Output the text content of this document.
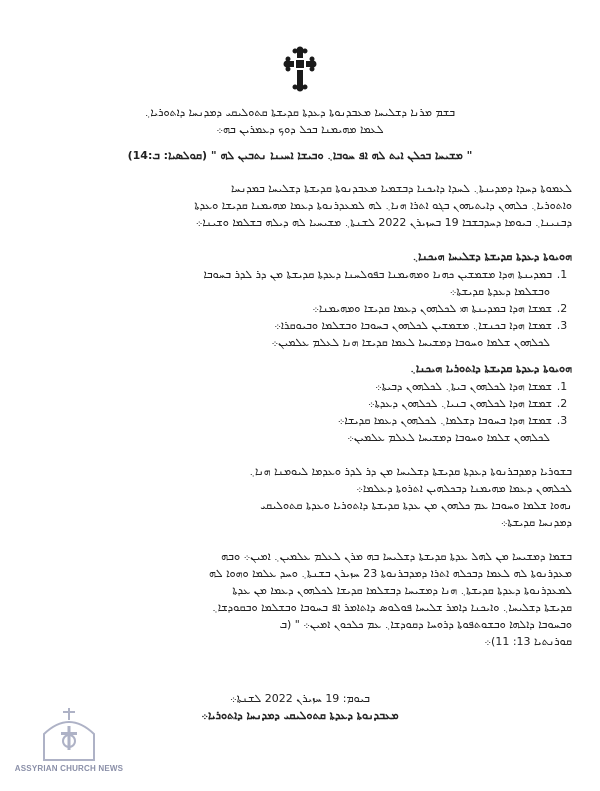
ܒܫܡ ܡܪܢܐ ܕܫܠܝܚܐ ܡܥܒܕܢܘܬܐ ܕܥܕܬܐ ܩܕܝܫܬܐ ܩܬܘܠܝܩܝ ܕܡܕܢܚܐ ܕܐܬܘܪܝܐ܆
ܠܥܡܐ ܡܗܝܡܢܐ ܒܟܠ ܕܘܟ ܕܥܡܪܝܢ ܒܗ܀
" ܡܫܝܚܐ ܒܟܠܢ ܐܝܬ ܠܗ ܐܦ ܚܘܒܐ܆ ܘܒܝܫܐ ܐܚܝܢܐ ܢܬܒܝܢ ܠܗ " (ܩܘܠܣܝܐ: ܒ:14)
ܠܥܡܘܬܐ ܕܚܕܐ ܕܡܕܝܢܬܐ܆ ܠܚܕܐ ܕܐܝܟܢܐ ܕܒܫܡܝܐ ܡܥܒܕܢܘܬܐ ܩܕܝܫܬܐ ܕܫܠܝܚܐ ܒܡܕܢܚܐ
ܘܐܬܘܪܝܐ܆ ܟܠܗܘܢ ܕܐܝܬܝܗܘܢ ܒܓܘ ܐܬܪܐ ܗܢܐ܆ ܠܗ ܠܡܥܕܪܢܘܬܐ ܕܥܡܐ ܡܗܝܡܢܐ ܩܕܝܫܐ ܘܥܕܬܐ
ܕܒܢܝܢܐ܆ ܒܝܘܡܐ ܕܚܕܒܫܒܐ 19 ܒܚܙܝܪܢ 2022 ܠܫܢܬܐ܆ ܡܫܝܚܝܐ ܠܗ ܕܝܠܗ ܒܫܠܡܐ ܘܫܝܢܐ܀
ܗܘܝܘܬܐ ܕܥܕܬܐ ܩܕܝܫܬܐ ܕܫܠܝܚܐ ܗܝܟܢܐ܆
1.
ܒܡܕܝܢܬܐ ܗܕܐ ܡܫܡܫܝܢ ܟܗܢܐ ܘܡܗܝܡܢܐ ܒܦܘܠܚܢܐ ܕܥܕܬܐ ܩܕܝܫܬܐ ܡܢ ܕܪ ܠܕܪ ܒܚܘܒܐ
ܘܒܫܠܡܐ ܕܥܕܬܐ ܩܕܝܫܬܐ܀
2.
ܫܡܫܐ ܗܕܐ ܒܡܕܝܢܬܐ ܗܝ ܠܟܠܗܘܢ ܕܥܡܐ ܩܕܝܫܐ ܘܡܗܝܡܢܐ܀
3.
ܫܡܫܐ ܗܕܐ ܒܟܢܫܐ܆ ܡܫܡܫܝܢ ܠܟܠܗܘܢ ܒܚܘܒܐ ܘܒܫܠܡܐ ܘܒܝܘܩܪܐ܀
ܠܟܠܗܘܢ ܫܠܡܐ ܘܚܘܒܐ ܕܡܫܝܚܐ ܠܥܡܐ ܩܕܝܫܐ ܗܢܐ ܠܥܠܡ ܥܠܡܝܢ܀
ܗܘܝܘܬܐ ܕܥܕܬܐ ܩܕܝܫܬܐ ܕܐܬܘܪܝܐ ܗܝܟܢܐ܆
1.
ܫܡܫܐ ܗܕܐ ܠܟܠܗܘܢ ܒܝܬܐ܆ ܠܟܠܗܘܢ ܕܒܝܬܐ܀
2.
ܫܡܫܐ ܗܕܐ ܠܟܠܗܘܢ ܒܢܝܐ܆ ܠܟܠܗܘܢ ܕܥܕܬܐ܀
3.
ܫܡܫܐ ܗܕܐ ܒܚܘܒܐ ܕܫܠܡܐ܆ ܠܟܠܗܘܢ ܕܥܡܐ ܩܕܝܫܐ܀
ܠܟܠܗܘܢ ܫܠܡܐ ܘܚܘܒܐ ܕܡܫܝܚܐ ܠܥܠܡ ܥܠܡܝܢ܀
ܒܫܘܪܝܐ ܕܡܕܒܪܢܘܬܐ ܕܥܕܬܐ ܩܕܝܫܬܐ ܕܫܠܝܚܐ ܡܢ ܕܪ ܠܕܪ ܘܥܕܡܐ ܠܝܘܡܢܐ ܗܢܐ܆
ܠܟܠܗܘܢ ܕܥܡܐ ܡܗܝܡܢܐ ܕܒܟܠܗܝܢ ܐܬܪܘܬܐ ܕܥܠܡܐ܀
ܢܗܘܐ ܫܠܡܐ ܘܚܘܒܐ ܥܡ ܟܠܗܘܢ ܡܢ ܥܕܬܐ ܩܕܝܫܬܐ ܕܐܬܘܪܝܐ ܘܥܕܬܐ ܩܬܘܠܝܩܝ
ܕܡܕܢܚܐ ܩܕܝܫܬܐ܀
ܒܫܡܐ ܕܡܫܝܚܐ ܡܢ ܠܗܠ ܥܕܬܐ ܩܕܝܫܬܐ ܕܫܠܝܚܐ ܒܗ ܡܪܢ ܠܥܠܡ ܥܠܡܝܢ܆ ܐܡܝܢ܀ ܘܒܗ
ܡܥܕܪܢܘܬܐ ܠܗ ܠܥܡܐ ܕܒܟܠܗ ܐܬܪܐ ܕܡܕܒܪܢܘܬܐ 23 ܚܙܝܪܢ ܒܫܢܬܐ܆ ܘܚܕ ܥܠܡܐ ܘܗܘܐ ܠܗ
ܠܡܥܕܪܢܘܬܐ ܕܥܕܬܐ ܩܕܝܫܬܐ܆ ܗܢܐ ܕܡܫܝܚܐ ܕܒܫܠܡܐ ܩܕܝܫܐ ܠܟܠܗܘܢ ܕܥܡܐ ܡܢ ܥܕܬܐ
ܩܕܝܫܬܐ ܕܫܠܝܚܐ܆ ܘܐܝܟܢܐ ܕܐܡܪ ܫܠܝܚܐ ܦܘܠܘܣ ܕܐܬܐܡܪ ܐܦ ܒܚܘܒܐ ܘܒܫܠܡܐ ܘܒܩܘܕܫܐ܆
ܘܒܚܘܒܐ ܕܐܠܗܐ ܘܒܫܘܬܦܘܬܐ ܕܪܘܚܐ ܕܩܘܕܫܐ܆ ܥܡ ܟܠܟܘܢ ܐܡܝܢ܀ " (ܒ
ܩܘܪܢܬܝܐ 13: 11)܀
ܒܝܘܡ: 19 ܚܙܝܪܢ 2022 ܠܫܢܬܐ܀
ܡܥܒܕܢܘܬܐ ܕܥܕܬܐ ܩܬܘܠܝܩܝ ܕܡܕܢܚܐ ܕܐܬܘܪܝܐ܀
ASSYRIAN CHURCH NEWS
